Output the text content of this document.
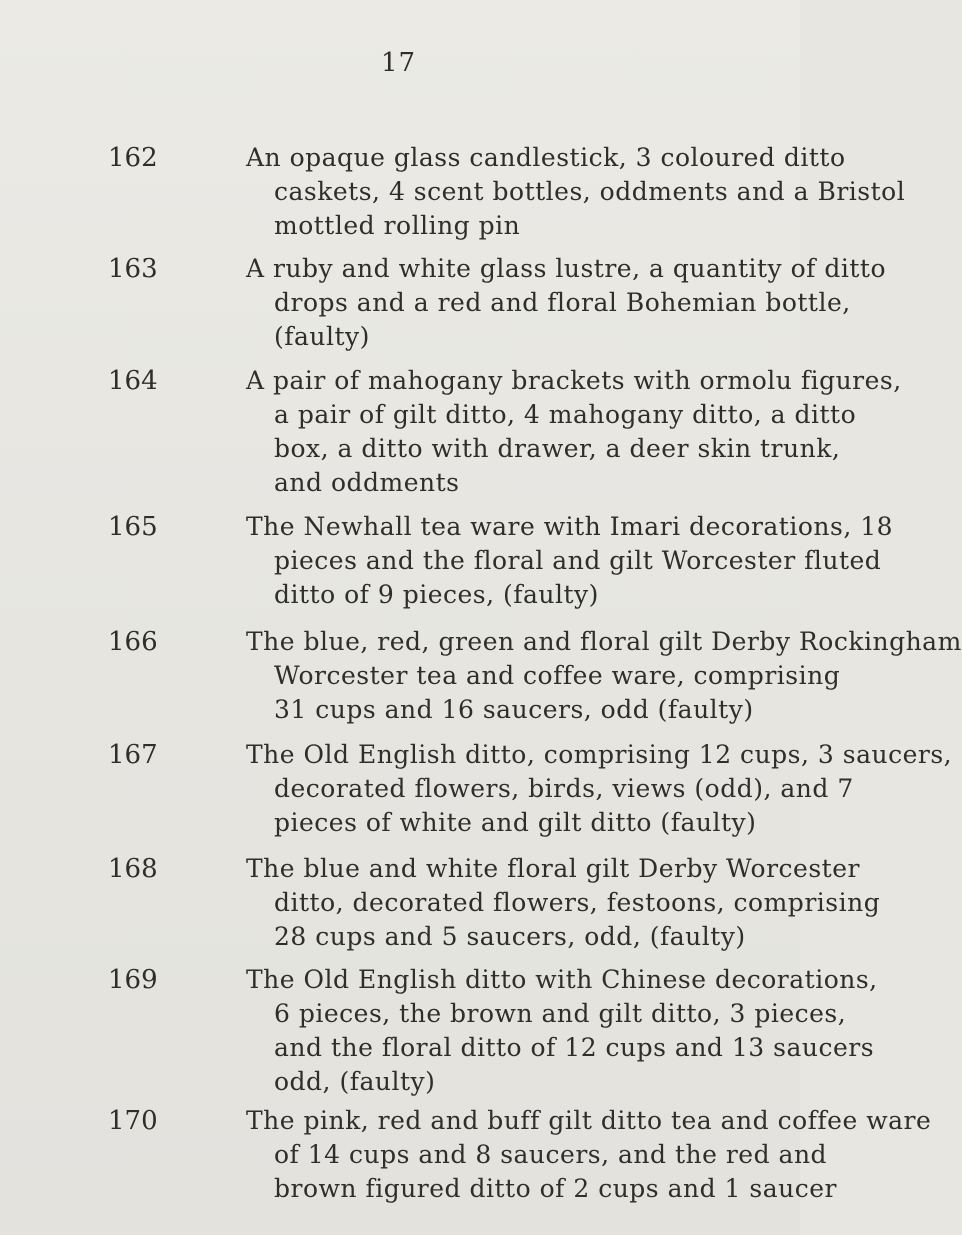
17
162	An opaque glass candlestick, 3 coloured ditto
caskets, 4 scent bottles, oddments and a Bristol
mottled rolling pin
163	A ruby and white glass lustre, a quantity of ditto
drops and a red and floral Bohemian bottle,
(faulty)
164	A pair of mahogany brackets with ormolu figures,
a pair of gilt ditto, 4 mahogany ditto, a ditto
box, a ditto with drawer, a deer skin trunk,
and oddments
165	The Newhall tea ware with Imari decorations, 18
pieces and the floral and gilt Worcester fluted
ditto of 9 pieces, (faulty)
166	The blue, red, green and floral gilt Derby Rockingham
Worcester tea and coffee ware, comprising
31 cups and 16 saucers, odd (faulty)
167	The Old English ditto, comprising 12 cups, 3 saucers,
decorated flowers, birds, views (odd), and 7
pieces of white and gilt ditto (faulty)
168	The blue and white floral gilt Derby Worcester
ditto, decorated flowers, festoons, comprising
28 cups and 5 saucers, odd, (faulty)
169	The Old English ditto with Chinese decorations,
6 pieces, the brown and gilt ditto, 3 pieces,
and the floral ditto of 12 cups and 13 saucers
odd, (faulty)
170	The pink, red and buff gilt ditto tea and coffee ware
of 14 cups and 8 saucers, and the red and
brown figured ditto of 2 cups and 1 saucer
